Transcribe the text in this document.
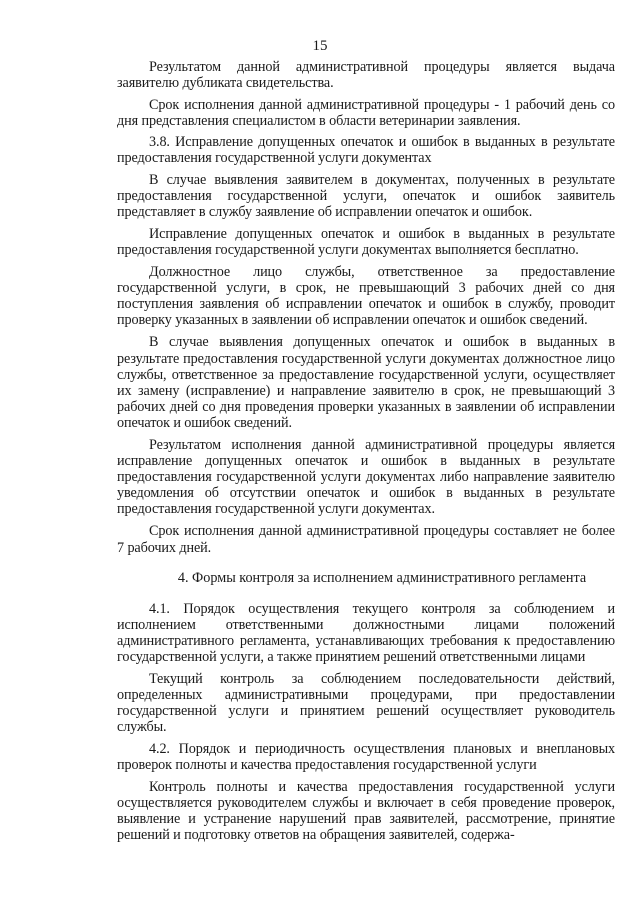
15

Результатом данной административной процедуры является выдача заявителю дубликата свидетельства.

Срок исполнения данной административной процедуры - 1 рабочий день со дня представления специалистом в области ветеринарии заявления.

3.8. Исправление допущенных опечаток и ошибок в выданных в результате предоставления государственной услуги документах

В случае выявления заявителем в документах, полученных в результате предоставления государственной услуги, опечаток и ошибок заявитель представляет в службу заявление об исправлении опечаток и ошибок.

Исправление допущенных опечаток и ошибок в выданных в результате предоставления государственной услуги документах выполняется бесплатно.

Должностное лицо службы, ответственное за предоставление государственной услуги, в срок, не превышающий 3 рабочих дней со дня поступления заявления об исправлении опечаток и ошибок в службу, проводит проверку указанных в заявлении об исправлении опечаток и ошибок сведений.

В случае выявления допущенных опечаток и ошибок в выданных в результате предоставления государственной услуги документах должностное лицо службы, ответственное за предоставление государственной услуги, осуществляет их замену (исправление) и направление заявителю в срок, не превышающий 3 рабочих дней со дня проведения проверки указанных в заявлении об исправлении опечаток и ошибок сведений.

Результатом исполнения данной административной процедуры является исправление допущенных опечаток и ошибок в выданных в результате предоставления государственной услуги документах либо направление заявителю уведомления об отсутствии опечаток и ошибок в выданных в результате предоставления государственной услуги документах.

Срок исполнения данной административной процедуры составляет не более 7 рабочих дней.

4. Формы контроля за исполнением административного регламента

4.1. Порядок осуществления текущего контроля за соблюдением и исполнением ответственными должностными лицами положений административного регламента, устанавливающих требования к предоставлению государственной услуги, а также принятием решений ответственными лицами

Текущий контроль за соблюдением последовательности действий, определенных административными процедурами, при предоставлении государственной услуги и принятием решений осуществляет руководитель службы.

4.2. Порядок и периодичность осуществления плановых и внеплановых проверок полноты и качества предоставления государственной услуги

Контроль полноты и качества предоставления государственной услуги осуществляется руководителем службы и включает в себя проведение проверок, выявление и устранение нарушений прав заявителей, рассмотрение, принятие решений и подготовку ответов на обращения заявителей, содержа-
